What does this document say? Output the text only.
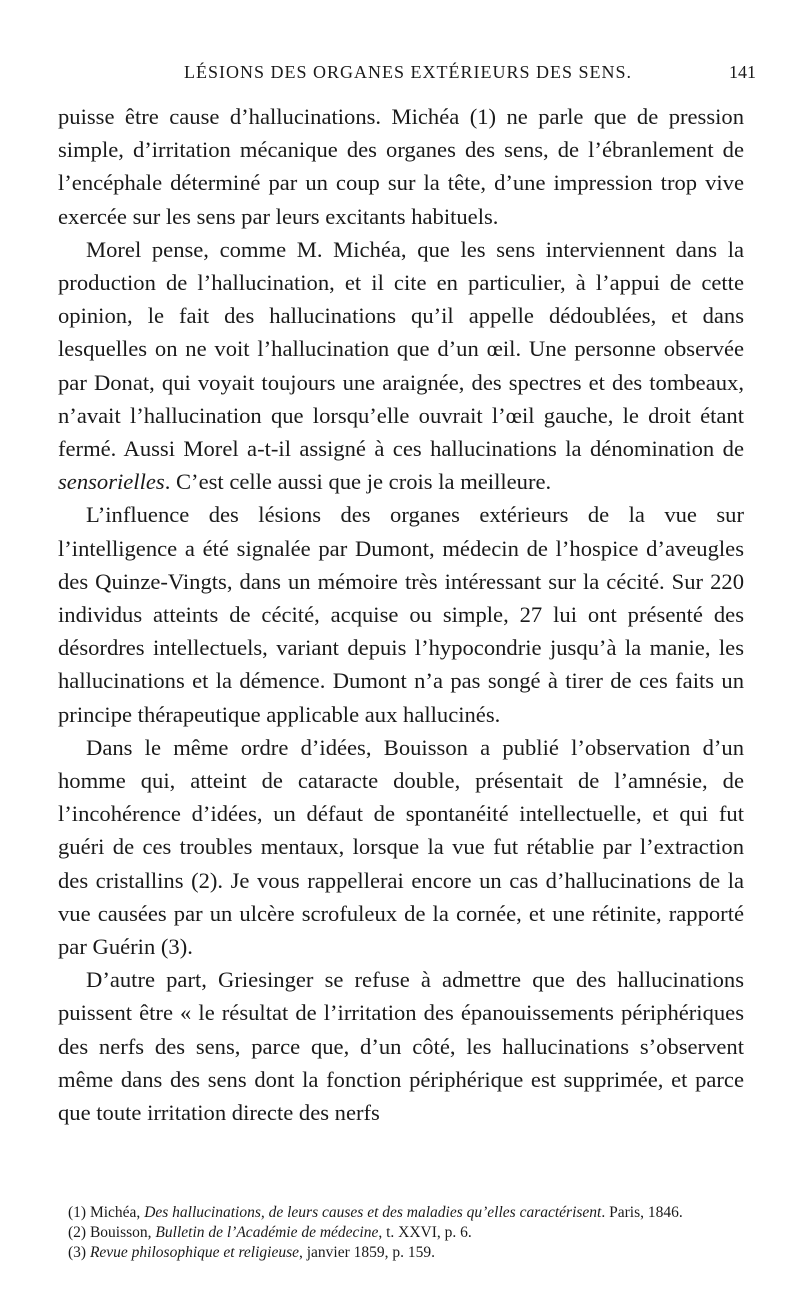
LÉSIONS DES ORGANES EXTÉRIEURS DES SENS.	141

puisse être cause d’hallucinations. Michéa (1) ne parle que de pression simple, d’irritation mécanique des organes des sens, de l’ébranlement de l’encéphale déterminé par un coup sur la tête, d’une impression trop vive exercée sur les sens par leurs excitants habituels.

Morel pense, comme M. Michéa, que les sens interviennent dans la production de l’hallucination, et il cite en particulier, à l’appui de cette opinion, le fait des hallucinations qu’il appelle dédoublées, et dans lesquelles on ne voit l’hallucination que d’un œil. Une personne observée par Donat, qui voyait toujours une araignée, des spectres et des tombeaux, n’avait l’hallucination que lorsqu’elle ouvrait l’œil gauche, le droit étant fermé. Aussi Morel a-t-il assigné à ces hallucinations la dénomination de sensorielles. C’est celle aussi que je crois la meilleure.

L’influence des lésions des organes extérieurs de la vue sur l’intelligence a été signalée par Dumont, médecin de l’hospice d’aveugles des Quinze-Vingts, dans un mémoire très intéressant sur la cécité. Sur 220 individus atteints de cécité, acquise ou simple, 27 lui ont présenté des désordres intellectuels, variant depuis l’hypocondrie jusqu’à la manie, les hallucinations et la démence. Dumont n’a pas songé à tirer de ces faits un principe thérapeutique applicable aux hallucinés.

Dans le même ordre d’idées, Bouisson a publié l’observation d’un homme qui, atteint de cataracte double, présentait de l’amnésie, de l’incohérence d’idées, un défaut de spontanéité intellectuelle, et qui fut guéri de ces troubles mentaux, lorsque la vue fut rétablie par l’extraction des cristallins (2). Je vous rappellerai encore un cas d’hallucinations de la vue causées par un ulcère scrofuleux de la cornée, et une rétinite, rapporté par Guérin (3).

D’autre part, Griesinger se refuse à admettre que des hallucinations puissent être « le résultat de l’irritation des épanouissements périphériques des nerfs des sens, parce que, d’un côté, les hallucinations s’observent même dans des sens dont la fonction périphérique est supprimée, et parce que toute irritation directe des nerfs

(1) Michéa, Des hallucinations, de leurs causes et des maladies qu’elles caractérisent. Paris, 1846.

(2) Bouisson, Bulletin de l’Académie de médecine, t. XXVI, p. 6.

(3) Revue philosophique et religieuse, janvier 1859, p. 159.
